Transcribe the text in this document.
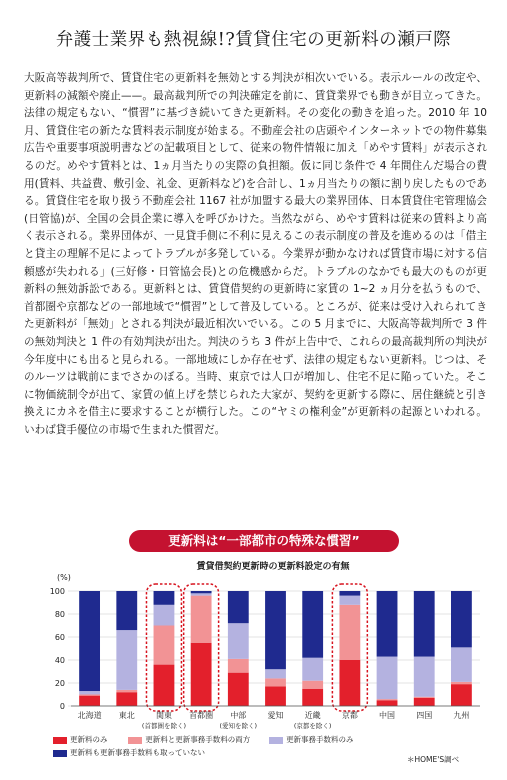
弁護士業界も熱視線!?賃貸住宅の更新料の瀬戸際

大阪高等裁判所で、賃貸住宅の更新料を無効とする判決が相次いでいる。表示ルールの改定や、更新料の減額や廃止——。最高裁判所での判決確定を前に、賃貸業界でも動きが目立ってきた。法律の規定もない、“慣習”に基づき続いてきた更新料。その変化の動きを追った。2010 年 10 月、賃貸住宅の新たな賃料表示制度が始まる。不動産会社の店頭やインターネットでの物件募集広告や重要事項説明書などの記載項目として、従来の物件情報に加え「めやす賃料」が表示されるのだ。めやす賃料とは、1ヵ月当たりの実際の負担額。仮に同じ条件で 4 年間住んだ場合の費用(賃料、共益費、敷引金、礼金、更新料など)を合計し、1ヵ月当たりの額に割り戻したものである。賃貸住宅を取り扱う不動産会社 1167 社が加盟する最大の業界団体、日本賃貸住宅管理協会(日管協)が、全国の会員企業に導入を呼びかけた。当然ながら、めやす賃料は従来の賃料より高く表示される。業界団体が、一見貸手側に不利に見えるこの表示制度の普及を進めるのは「借主と貸主の理解不足によってトラブルが多発している。今業界が動かなければ賃貸市場に対する信頼感が失われる」(三好修・日管協会長)との危機感からだ。トラブルのなかでも最大のものが更新料の無効訴訟である。更新料とは、賃貸借契約の更新時に家賃の 1~2 ヵ月分を払うもので、首都圏や京都などの一部地域で“慣習”として普及している。ところが、従来は受け入れられてきた更新料が「無効」とされる判決が最近相次いでいる。この 5 月までに、大阪高等裁判所で 3 件の無効判決と 1 件の有効判決が出た。判決のうち 3 件が上告中で、これらの最高裁判所の判決が今年度中にも出ると見られる。一部地域にしか存在せず、法律の規定もない更新料。じつは、そのルーツは戦前にまでさかのぼる。当時、東京では人口が増加し、住宅不足に陥っていた。そこに物価統制令が出て、家賃の値上げを禁じられた大家が、契約を更新する際に、居住継続と引き換えにカネを借主に要求することが横行した。この“ヤミの権利金”が更新料の起源といわれる。いわば貸手優位の市場で生まれた慣習だ。

更新料は“一部都市の特殊な慣習”
賃貸借契約更新時の更新料設定の有無
(%)
0
20
40
60
80
100
北海道 東北	関東
(首都圏を除く)
首都圏 中部
(愛知を除く)
愛知	近畿
(京都を除く)
京都	中国	四国	九州
更新料のみ	更新料と更新事務手数料の両方	更新事務手数料のみ
更新料も更新事務手数料も取っていない
＊HOME'S調べ
